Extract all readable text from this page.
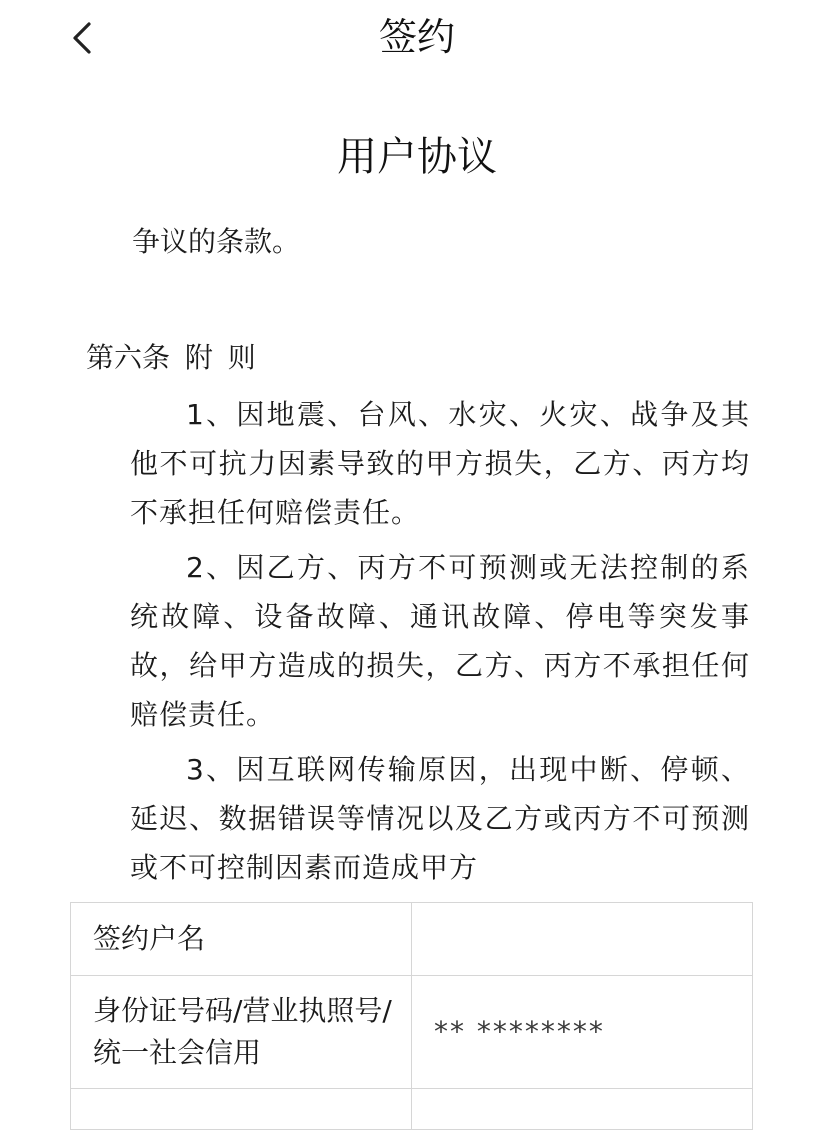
签约
用户协议
争议的条款。
第六条 附 则

1、因地震、台风、水灾、火灾、战争及其他不可抗力因素导致的甲方损失，乙方、丙方均不承担任何赔偿责任。

2、因乙方、丙方不可预测或无法控制的系统故障、设备故障、通讯故障、停电等突发事故，给甲方造成的损失，乙方、丙方不承担任何赔偿责任。

3、因互联网传输原因，出现中断、停顿、延迟、数据错误等情况以及乙方或丙方不可预测或不可控制因素而造成甲方

签约户名	
身份证号码/营业执照号/统一社会信用	** ********
